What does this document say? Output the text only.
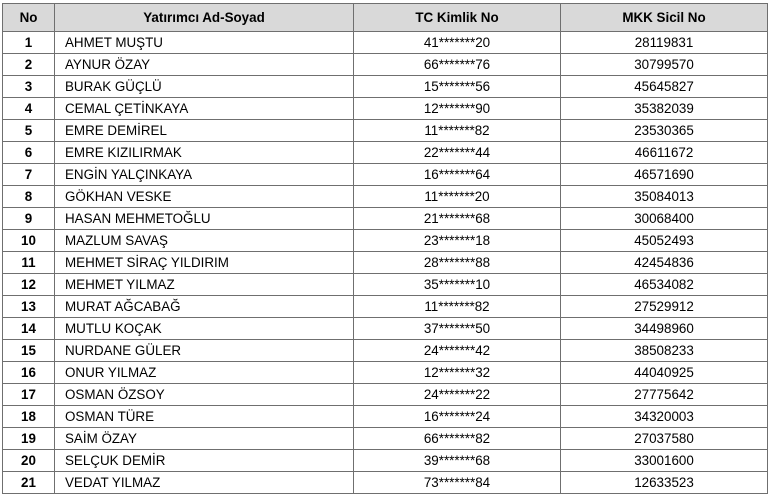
No	Yatırımcı Ad-Soyad	TC Kimlik No	MKK Sicil No
1	AHMET MUŞTU	41*******20	28119831
2	AYNUR ÖZAY	66*******76	30799570
3	BURAK GÜÇLÜ	15*******56	45645827
4	CEMAL ÇETİNKAYA	12*******90	35382039
5	EMRE DEMİREL	11*******82	23530365
6	EMRE KIZILIRMAK	22*******44	46611672
7	ENGİN YALÇINKAYA	16*******64	46571690
8	GÖKHAN VESKE	11*******20	35084013
9	HASAN MEHMETOĞLU	21*******68	30068400
10	MAZLUM SAVAŞ	23*******18	45052493
11	MEHMET SİRAÇ YILDIRIM	28*******88	42454836
12	MEHMET YILMAZ	35*******10	46534082
13	MURAT AĞCABAĞ	11*******82	27529912
14	MUTLU KOÇAK	37*******50	34498960
15	NURDANE GÜLER	24*******42	38508233
16	ONUR YILMAZ	12*******32	44040925
17	OSMAN ÖZSOY	24*******22	27775642
18	OSMAN TÜRE	16*******24	34320003
19	SAİM ÖZAY	66*******82	27037580
20	SELÇUK DEMİR	39*******68	33001600
21	VEDAT YILMAZ	73*******84	12633523
